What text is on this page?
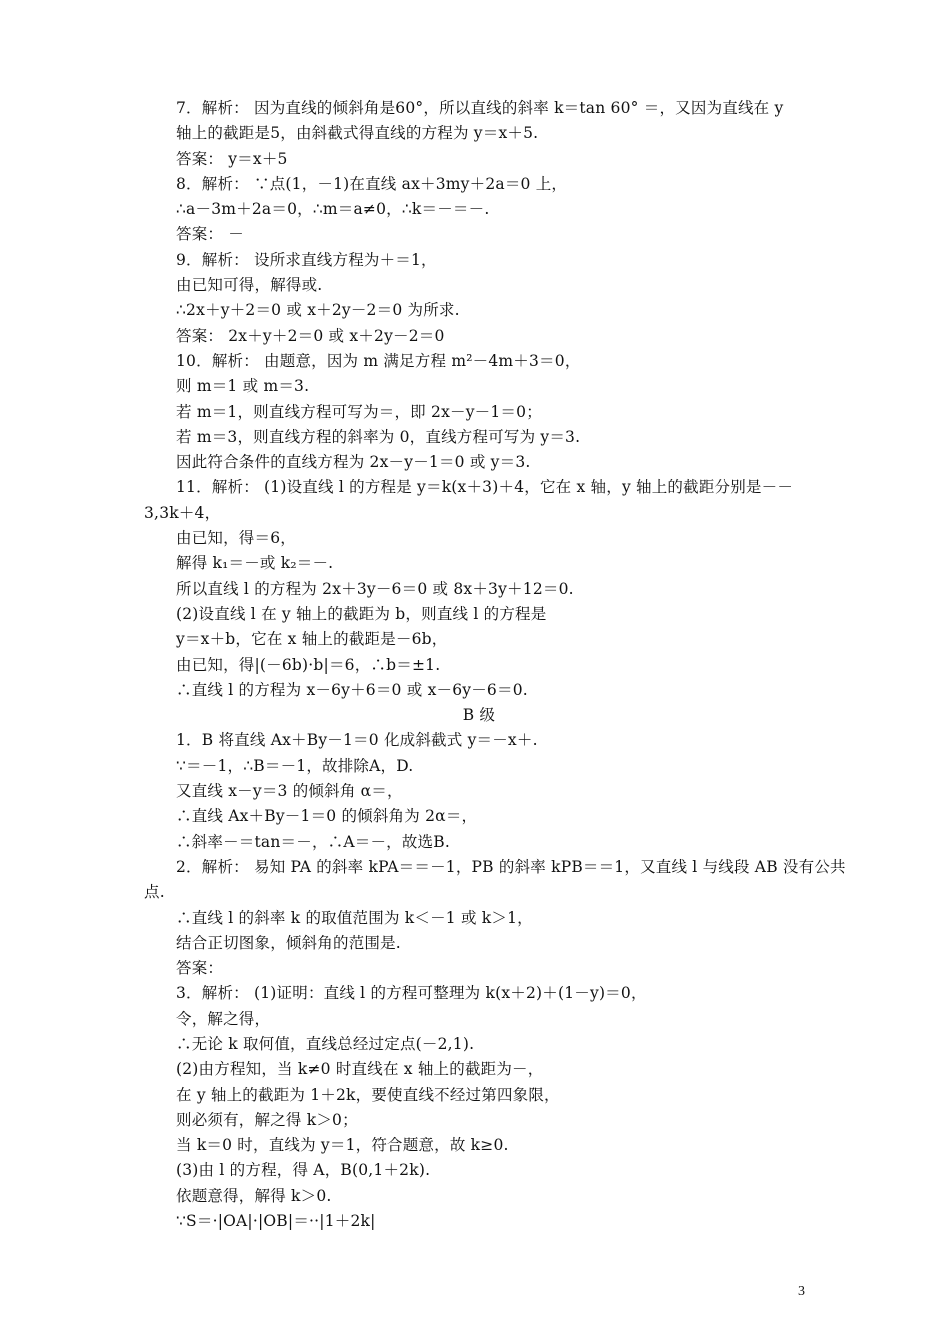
7．解析： 因为直线的倾斜角是60°，所以直线的斜率 k＝tan 60° ＝，又因为直线在 y
轴上的截距是5，由斜截式得直线的方程为 y＝x＋5.
答案： y＝x＋5
8．解析： ∵点(1，－1)在直线 ax＋3my＋2a＝0 上，
∴a－3m＋2a＝0，∴m＝a≠0，∴k＝－＝－.
答案： －
9．解析： 设所求直线方程为＋＝1，
由已知可得，解得或.
∴2x＋y＋2＝0 或 x＋2y－2＝0 为所求.
答案： 2x＋y＋2＝0 或 x＋2y－2＝0
10．解析： 由题意，因为 m 满足方程 m²－4m＋3＝0，
则 m＝1 或 m＝3.
若 m＝1，则直线方程可写为＝，即 2x－y－1＝0；
若 m＝3，则直线方程的斜率为 0，直线方程可写为 y＝3.
因此符合条件的直线方程为 2x－y－1＝0 或 y＝3.
11．解析： (1)设直线 l 的方程是 y＝k(x＋3)＋4，它在 x 轴，y 轴上的截距分别是－－
3,3k＋4，
由已知，得＝6，
解得 k₁＝－或 k₂＝－.
所以直线 l 的方程为 2x＋3y－6＝0 或 8x＋3y＋12＝0.
(2)设直线 l 在 y 轴上的截距为 b，则直线 l 的方程是
y＝x＋b，它在 x 轴上的截距是－6b，
由已知，得|(－6b)·b|＝6，∴b＝±1.
∴直线 l 的方程为 x－6y＋6＝0 或 x－6y－6＝0.
B 级
1．B 将直线 Ax＋By－1＝0 化成斜截式 y＝－x＋.
∵＝－1，∴B＝－1，故排除A，D.
又直线 x－y＝3 的倾斜角 α＝，
∴直线 Ax＋By－1＝0 的倾斜角为 2α＝，
∴斜率－＝tan＝－，∴A＝－，故选B.
2．解析： 易知 PA 的斜率 kPA＝＝－1，PB 的斜率 kPB＝＝1，又直线 l 与线段 AB 没有公共
点.
∴直线 l 的斜率 k 的取值范围为 k＜－1 或 k＞1，
结合正切图象，倾斜角的范围是.
答案：
3．解析： (1)证明：直线 l 的方程可整理为 k(x＋2)＋(1－y)＝0，
令，解之得，
∴无论 k 取何值，直线总经过定点(－2,1).
(2)由方程知，当 k≠0 时直线在 x 轴上的截距为－，
在 y 轴上的截距为 1＋2k，要使直线不经过第四象限，
则必须有，解之得 k＞0；
当 k＝0 时，直线为 y＝1，符合题意，故 k≥0.
(3)由 l 的方程，得 A，B(0,1＋2k).
依题意得，解得 k＞0.
∵S＝·|OA|·|OB|＝··|1＋2k|
3
